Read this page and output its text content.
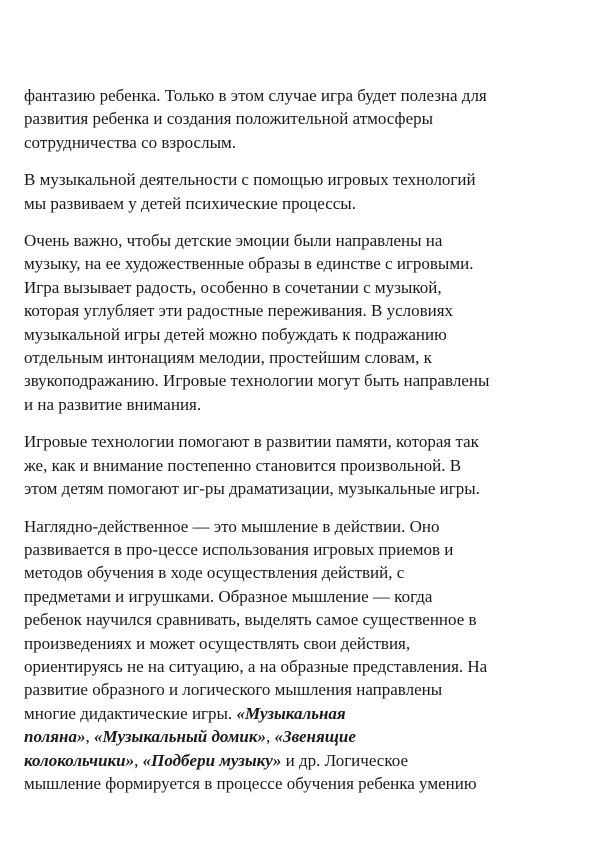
фантазию ребенка. Только в этом случае игра будет полезна для
развития ребенка и создания положительной атмосферы
сотрудничества со взрослым.

В музыкальной деятельности с помощью игровых технологий
мы развиваем у детей психические процессы.

Очень важно, чтобы детские эмоции были направлены на
музыку, на ее художественные образы в единстве с игровыми.
Игра вызывает радость, особенно в сочетании с музыкой,
которая углубляет эти радостные переживания. В условиях
музыкальной игры детей можно побуждать к подражанию
отдельным интонациям мелодии, простейшим словам, к
звукоподражанию. Игровые технологии могут быть направлены
и на развитие внимания.

Игровые технологии помогают в развитии памяти, которая так
же, как и внимание постепенно становится произвольной. В
этом детям помогают иг-ры драматизации, музыкальные игры.

Наглядно-действенное — это мышление в действии. Оно
развивается в про-цессе использования игровых приемов и
методов обучения в ходе осуществления действий, с
предметами и игрушками. Образное мышление — когда
ребенок научился сравнивать, выделять самое существенное в
произведениях и может осуществлять свои действия,
ориентируясь не на ситуацию, а на образные представления. На
развитие образного и логического мышления направлены
многие дидактические игры. «Музыкальная
поляна», «Музыкальный домик», «Звенящие
колокольчики», «Подбери музыку» и др. Логическое
мышление формируется в процессе обучения ребенка умению
